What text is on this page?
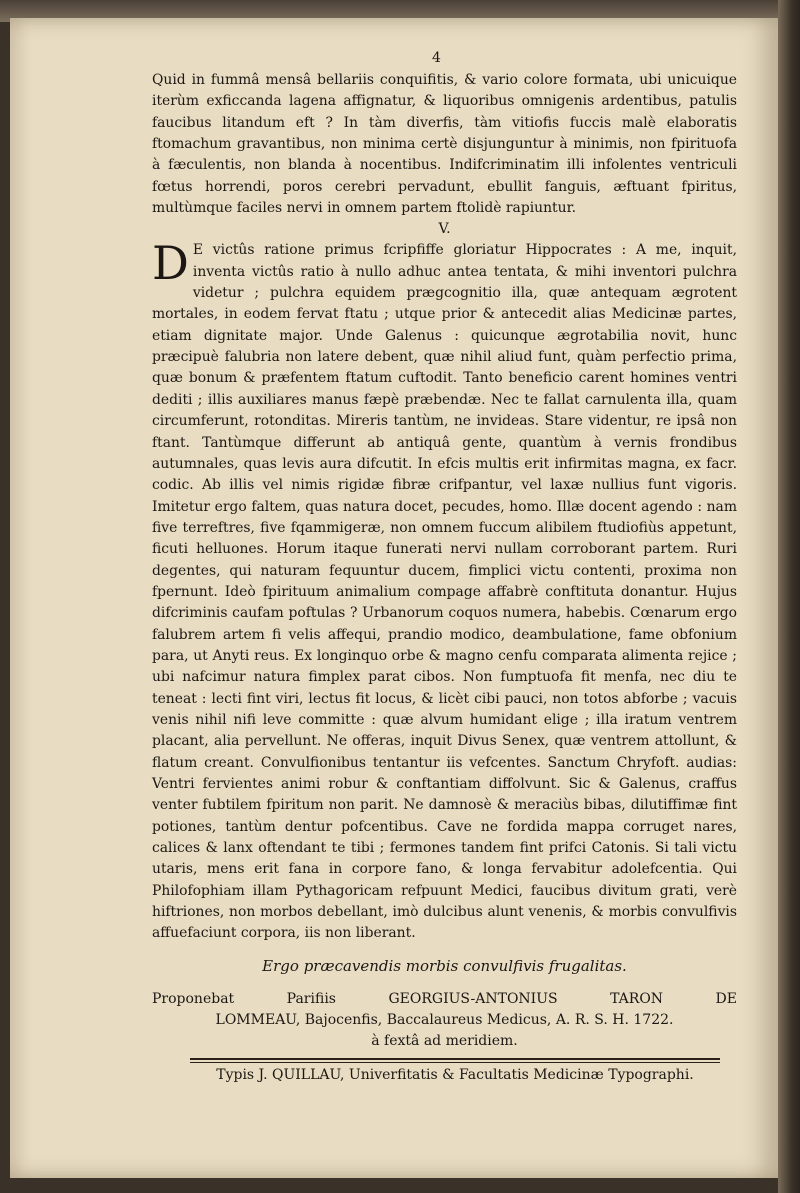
4

Quid in fummâ mensâ bellariis conquifitis, & vario colore formata, ubi unicuique iterùm exficcanda lagena affignatur, & liquoribus omnigenis ardentibus, patulis faucibus litandum eft ? In tàm diverfis, tàm vitiofis fuccis malè elaboratis ftomachum gravantibus, non minima certè disjunguntur à minimis, non fpirituofa à fæculentis, non blanda à nocentibus. Indifcriminatim illi infolentes ventriculi fœtus horrendi, poros cerebri pervadunt, ebullit fanguis, æftuant fpiritus, multùmque faciles nervi in omnem partem ftolidè rapiuntur.

V.

D E victûs ratione primus fcripfiffe gloriatur Hippocrates : A me, inquit, inventa victûs ratio à nullo adhuc antea tentata, & mihi inventori pulchra videtur ; pulchra equidem prægcognitio illa, quæ antequam ægrotent mortales, in eodem fervat ftatu ; utque prior & antecedit alias Medicinæ partes, etiam dignitate major. Unde Galenus : quicunque ægrotabilia novit, hunc præcipuè falubria non latere debent, quæ nihil aliud funt, quàm perfectio prima, quæ bonum & præfentem ftatum cuftodit. Tanto beneficio carent homines ventri dediti ; illis auxiliares manus fæpè præbendæ. Nec te fallat carnulenta illa, quam circumferunt, rotonditas. Mireris tantùm, ne invideas. Stare videntur, re ipsâ non ftant. Tantùmque differunt ab antiquâ gente, quantùm à vernis frondibus autumnales, quas levis aura difcutit. In efcis multis erit infirmitas magna, ex facr. codic. Ab illis vel nimis rigidæ fibræ crifpantur, vel laxæ nullius funt vigoris. Imitetur ergo faltem, quas natura docet, pecudes, homo. Illæ docent agendo : nam five terreftres, five fqammigeræ, non omnem fuccum alibilem ftudiofiùs appetunt, ficuti helluones. Horum itaque funerati nervi nullam corroborant partem. Ruri degentes, qui naturam fequuntur ducem, fimplici victu contenti, proxima non fpernunt. Ideò fpirituum animalium compage affabrè conftituta donantur. Hujus difcriminis caufam poftulas ? Urbanorum coquos numera, habebis. Cœnarum ergo falubrem artem fi velis affequi, prandio modico, deambulatione, fame obfonium para, ut Anyti reus. Ex longinquo orbe & magno cenfu comparata alimenta rejice ; ubi nafcimur natura fimplex parat cibos. Non fumptuofa fit menfa, nec diu te teneat : lecti fint viri, lectus fit locus, & licèt cibi pauci, non totos abforbe ; vacuis venis nihil nifi leve committe : quæ alvum humidant elige ; illa iratum ventrem placant, alia pervellunt. Ne offeras, inquit Divus Senex, quæ ventrem attollunt, & flatum creant. Convulfionibus tentantur iis vefcentes. Sanctum Chryfoft. audias: Ventri fervientes animi robur & conftantiam diffolvunt. Sic & Galenus, craffus venter fubtilem fpiritum non parit. Ne damnosè & meraciùs bibas, dilutiffimæ fint potiones, tantùm dentur pofcentibus. Cave ne fordida mappa corruget nares, calices & lanx oftendant te tibi ; fermones tandem fint prifci Catonis. Si tali victu utaris, mens erit fana in corpore fano, & longa fervabitur adolefcentia. Qui Philofophiam illam Pythagoricam refpuunt Medici, faucibus divitum grati, verè hiftriones, non morbos debellant, imò dulcibus alunt venenis, & morbis convulfivis affuefaciunt corpora, iis non liberant.

Ergo præcavendis morbis convulfivis frugalitas.

Proponebat Parifiis GEORGIUS-ANTONIUS TARON DE
LOMMEAU, Bajocenfis, Baccalaureus Medicus, A. R. S. H. 1722.
à fextâ ad meridiem.

Typis J. QUILLAU, Univerfitatis & Facultatis Medicinæ Typographi.
